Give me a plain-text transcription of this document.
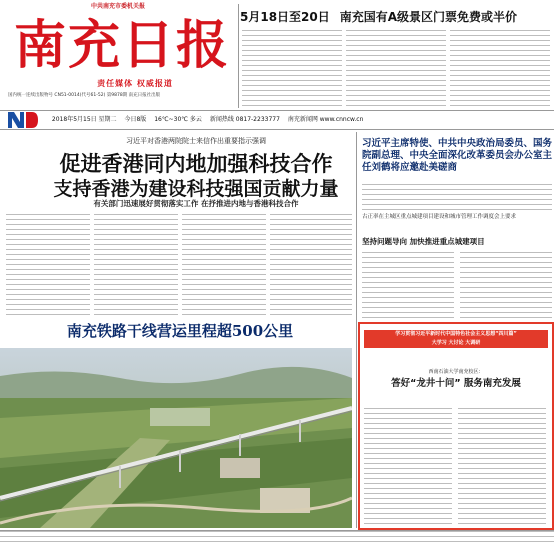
中共南充市委机关报
南充日报
责任媒体 权威报道
国内统一连续出版物号 CN51-0014(代号61-52) 第9878期 南充日报社出版
5月18日至20日 南充国有A级景区门票免费或半价
2018年5月15日 星期二 今日8版 16℃~30℃ 多云 新闻热线 0817-2233777 南充新闻网 www.cnncw.cn
习近平对香港两院院士来信作出重要指示强调
促进香港同内地加强科技合作
支持香港为建设科技强国贡献力量
有关部门迅速展好贯彻落实工作 在抒推进内地与香港科技合作
南充铁路干线营运里程超500公里
习近平主席特使、中共中央政治局委员、国务院副总理、中央全面深化改革委员会办公室主任刘鹤将应邀赴美磋商
古正率在主城区重点城建项目建设和城市管理工作调度会上要求
坚持问题导向 加快推进重点城建项目
学习贯彻习近平新时代中国特色社会主义思想“四川篇”
大学习 大讨论 大调研
西南石油大学南充校区：
答好“龙井十问” 服务南充发展
